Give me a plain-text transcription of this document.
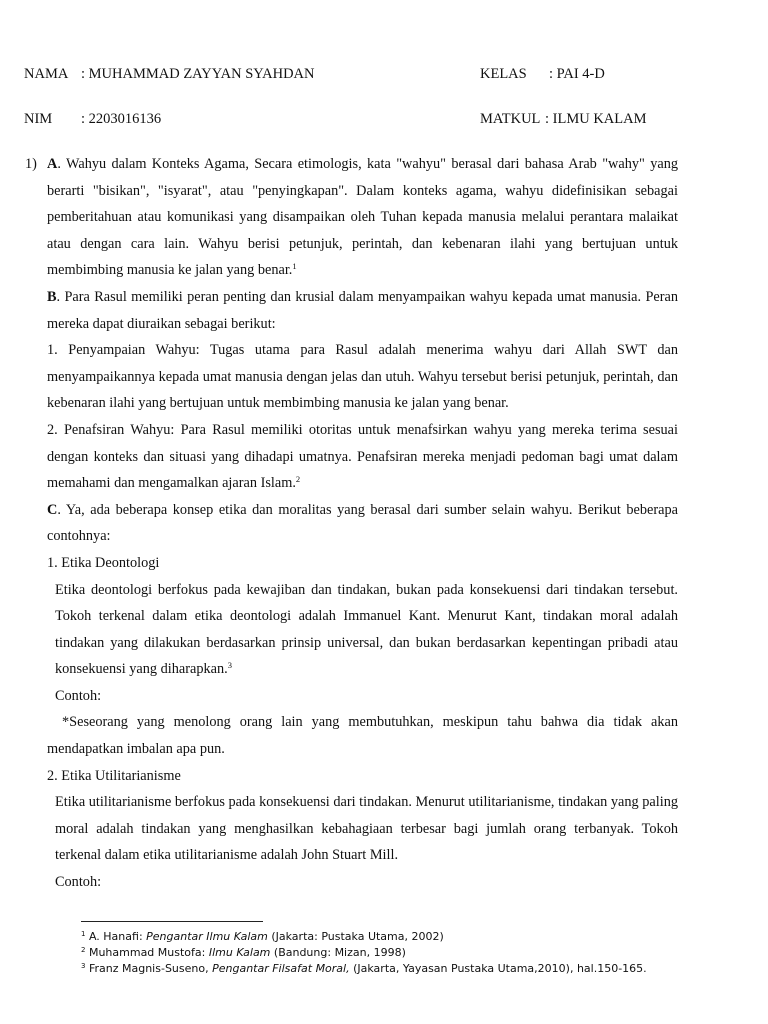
NAMA : MUHAMMAD ZAYYAN SYAHDAN	KELAS : PAI 4-D
NIM : 2203016136	MATKUL : ILMU KALAM
1) A. Wahyu dalam Konteks Agama, Secara etimologis, kata "wahyu" berasal dari bahasa Arab "wahy" yang berarti "bisikan", "isyarat", atau "penyingkapan". Dalam konteks agama, wahyu didefinisikan sebagai pemberitahuan atau komunikasi yang disampaikan oleh Tuhan kepada manusia melalui perantara malaikat atau dengan cara lain. Wahyu berisi petunjuk, perintah, dan kebenaran ilahi yang bertujuan untuk membimbing manusia ke jalan yang benar.$^1$

B. Para Rasul memiliki peran penting dan krusial dalam menyampaikan wahyu kepada umat manusia. Peran mereka dapat diuraikan sebagai berikut:

1. Penyampaian Wahyu: Tugas utama para Rasul adalah menerima wahyu dari Allah SWT dan menyampaikannya kepada umat manusia dengan jelas dan utuh. Wahyu tersebut berisi petunjuk, perintah, dan kebenaran ilahi yang bertujuan untuk membimbing manusia ke jalan yang benar.

2. Penafsiran Wahyu: Para Rasul memiliki otoritas untuk menafsirkan wahyu yang mereka terima sesuai dengan konteks dan situasi yang dihadapi umatnya. Penafsiran mereka menjadi pedoman bagi umat dalam memahami dan mengamalkan ajaran Islam.$^2$

C. Ya, ada beberapa konsep etika dan moralitas yang berasal dari sumber selain wahyu. Berikut beberapa contohnya:

1. Etika Deontologi

Etika deontologi berfokus pada kewajiban dan tindakan, bukan pada konsekuensi dari tindakan tersebut. Tokoh terkenal dalam etika deontologi adalah Immanuel Kant. Menurut Kant, tindakan moral adalah tindakan yang dilakukan berdasarkan prinsip universal, dan bukan berdasarkan kepentingan pribadi atau konsekuensi yang diharapkan.$^3$

Contoh:

*Seseorang yang menolong orang lain yang membutuhkan, meskipun tahu bahwa dia tidak akan mendapatkan imbalan apa pun.

2. Etika Utilitarianisme

Etika utilitarianisme berfokus pada konsekuensi dari tindakan. Menurut utilitarianisme, tindakan yang paling moral adalah tindakan yang menghasilkan kebahagiaan terbesar bagi jumlah orang terbanyak. Tokoh terkenal dalam etika utilitarianisme adalah John Stuart Mill.

Contoh:

$^1$ A. Hanafi: Pengantar Ilmu Kalam (Jakarta: Pustaka Utama, 2002)
$^2$ Muhammad Mustofa: Ilmu Kalam (Bandung: Mizan, 1998)
$^3$ Franz Magnis-Suseno, Pengantar Filsafat Moral, (Jakarta, Yayasan Pustaka Utama,2010), hal.150-165.
